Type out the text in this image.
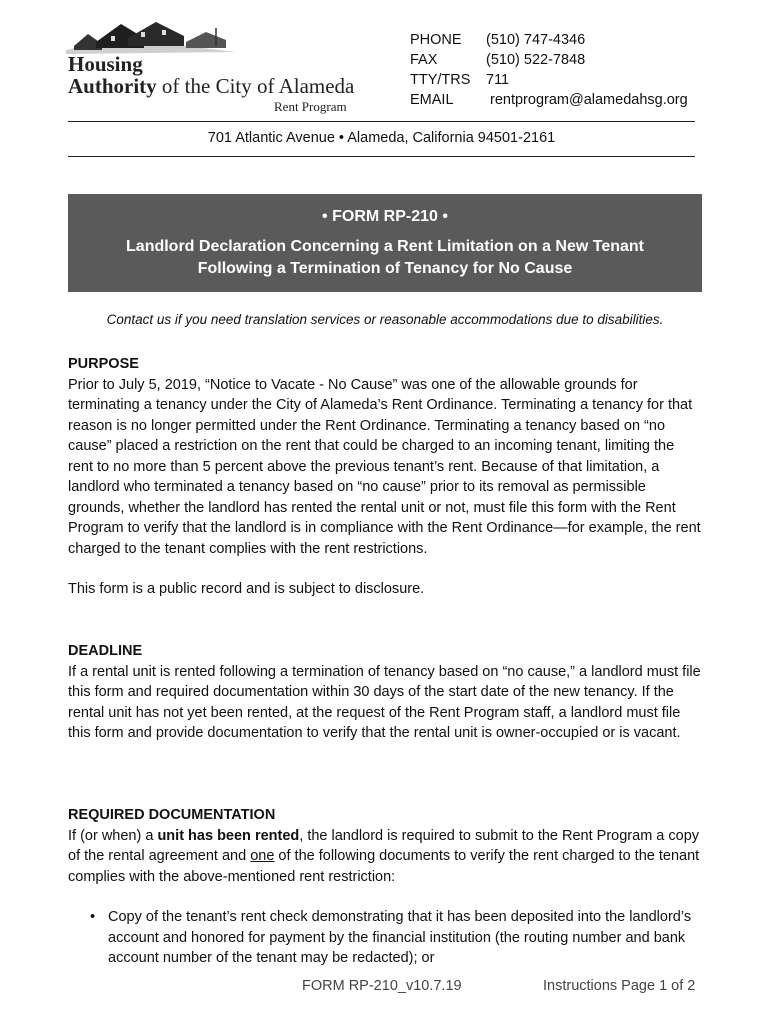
Housing
Authority of the City of Alameda
Rent Program
PHONE (510) 747-4346
FAX	(510) 522-7848
TTY/TRS 711
EMAIL	rentprogram@alamedahsg.org
701 Atlantic Avenue • Alameda, California 94501-2161
• FORM RP-210 •
Landlord Declaration Concerning a Rent Limitation on a New Tenant
Following a Termination of Tenancy for No Cause
Contact us if you need translation services or reasonable accommodations due to disabilities.
PURPOSE

Prior to July 5, 2019, “Notice to Vacate - No Cause” was one of the allowable grounds for terminating a tenancy under the City of Alameda’s Rent Ordinance. Terminating a tenancy for that reason is no longer permitted under the Rent Ordinance. Terminating a tenancy based on “no cause” placed a restriction on the rent that could be charged to an incoming tenant, limiting the rent to no more than 5 percent above the previous tenant’s rent. Because of that limitation, a landlord who terminated a tenancy based on “no cause” prior to its removal as permissible grounds, whether the landlord has rented the rental unit or not, must file this form with the Rent Program to verify that the landlord is in compliance with the Rent Ordinance—for example, the rent charged to the tenant complies with the rent restrictions.

This form is a public record and is subject to disclosure.
DEADLINE

If a rental unit is rented following a termination of tenancy based on “no cause,” a landlord must file this form and required documentation within 30 days of the start date of the new tenancy. If the rental unit has not yet been rented, at the request of the Rent Program staff, a landlord must file this form and provide documentation to verify that the rental unit is owner-occupied or is vacant.

REQUIRED DOCUMENTATION

If (or when) a unit has been rented, the landlord is required to submit to the Rent Program a copy of the rental agreement and one of the following documents to verify the rent charged to the tenant complies with the above-mentioned rent restriction:

• Copy of the tenant’s rent check demonstrating that it has been deposited into the landlord’s account and honored for payment by the financial institution (the routing number and bank account number of the tenant may be redacted); or
FORM RP-210_v10.7.19	Instructions Page 1 of 2
